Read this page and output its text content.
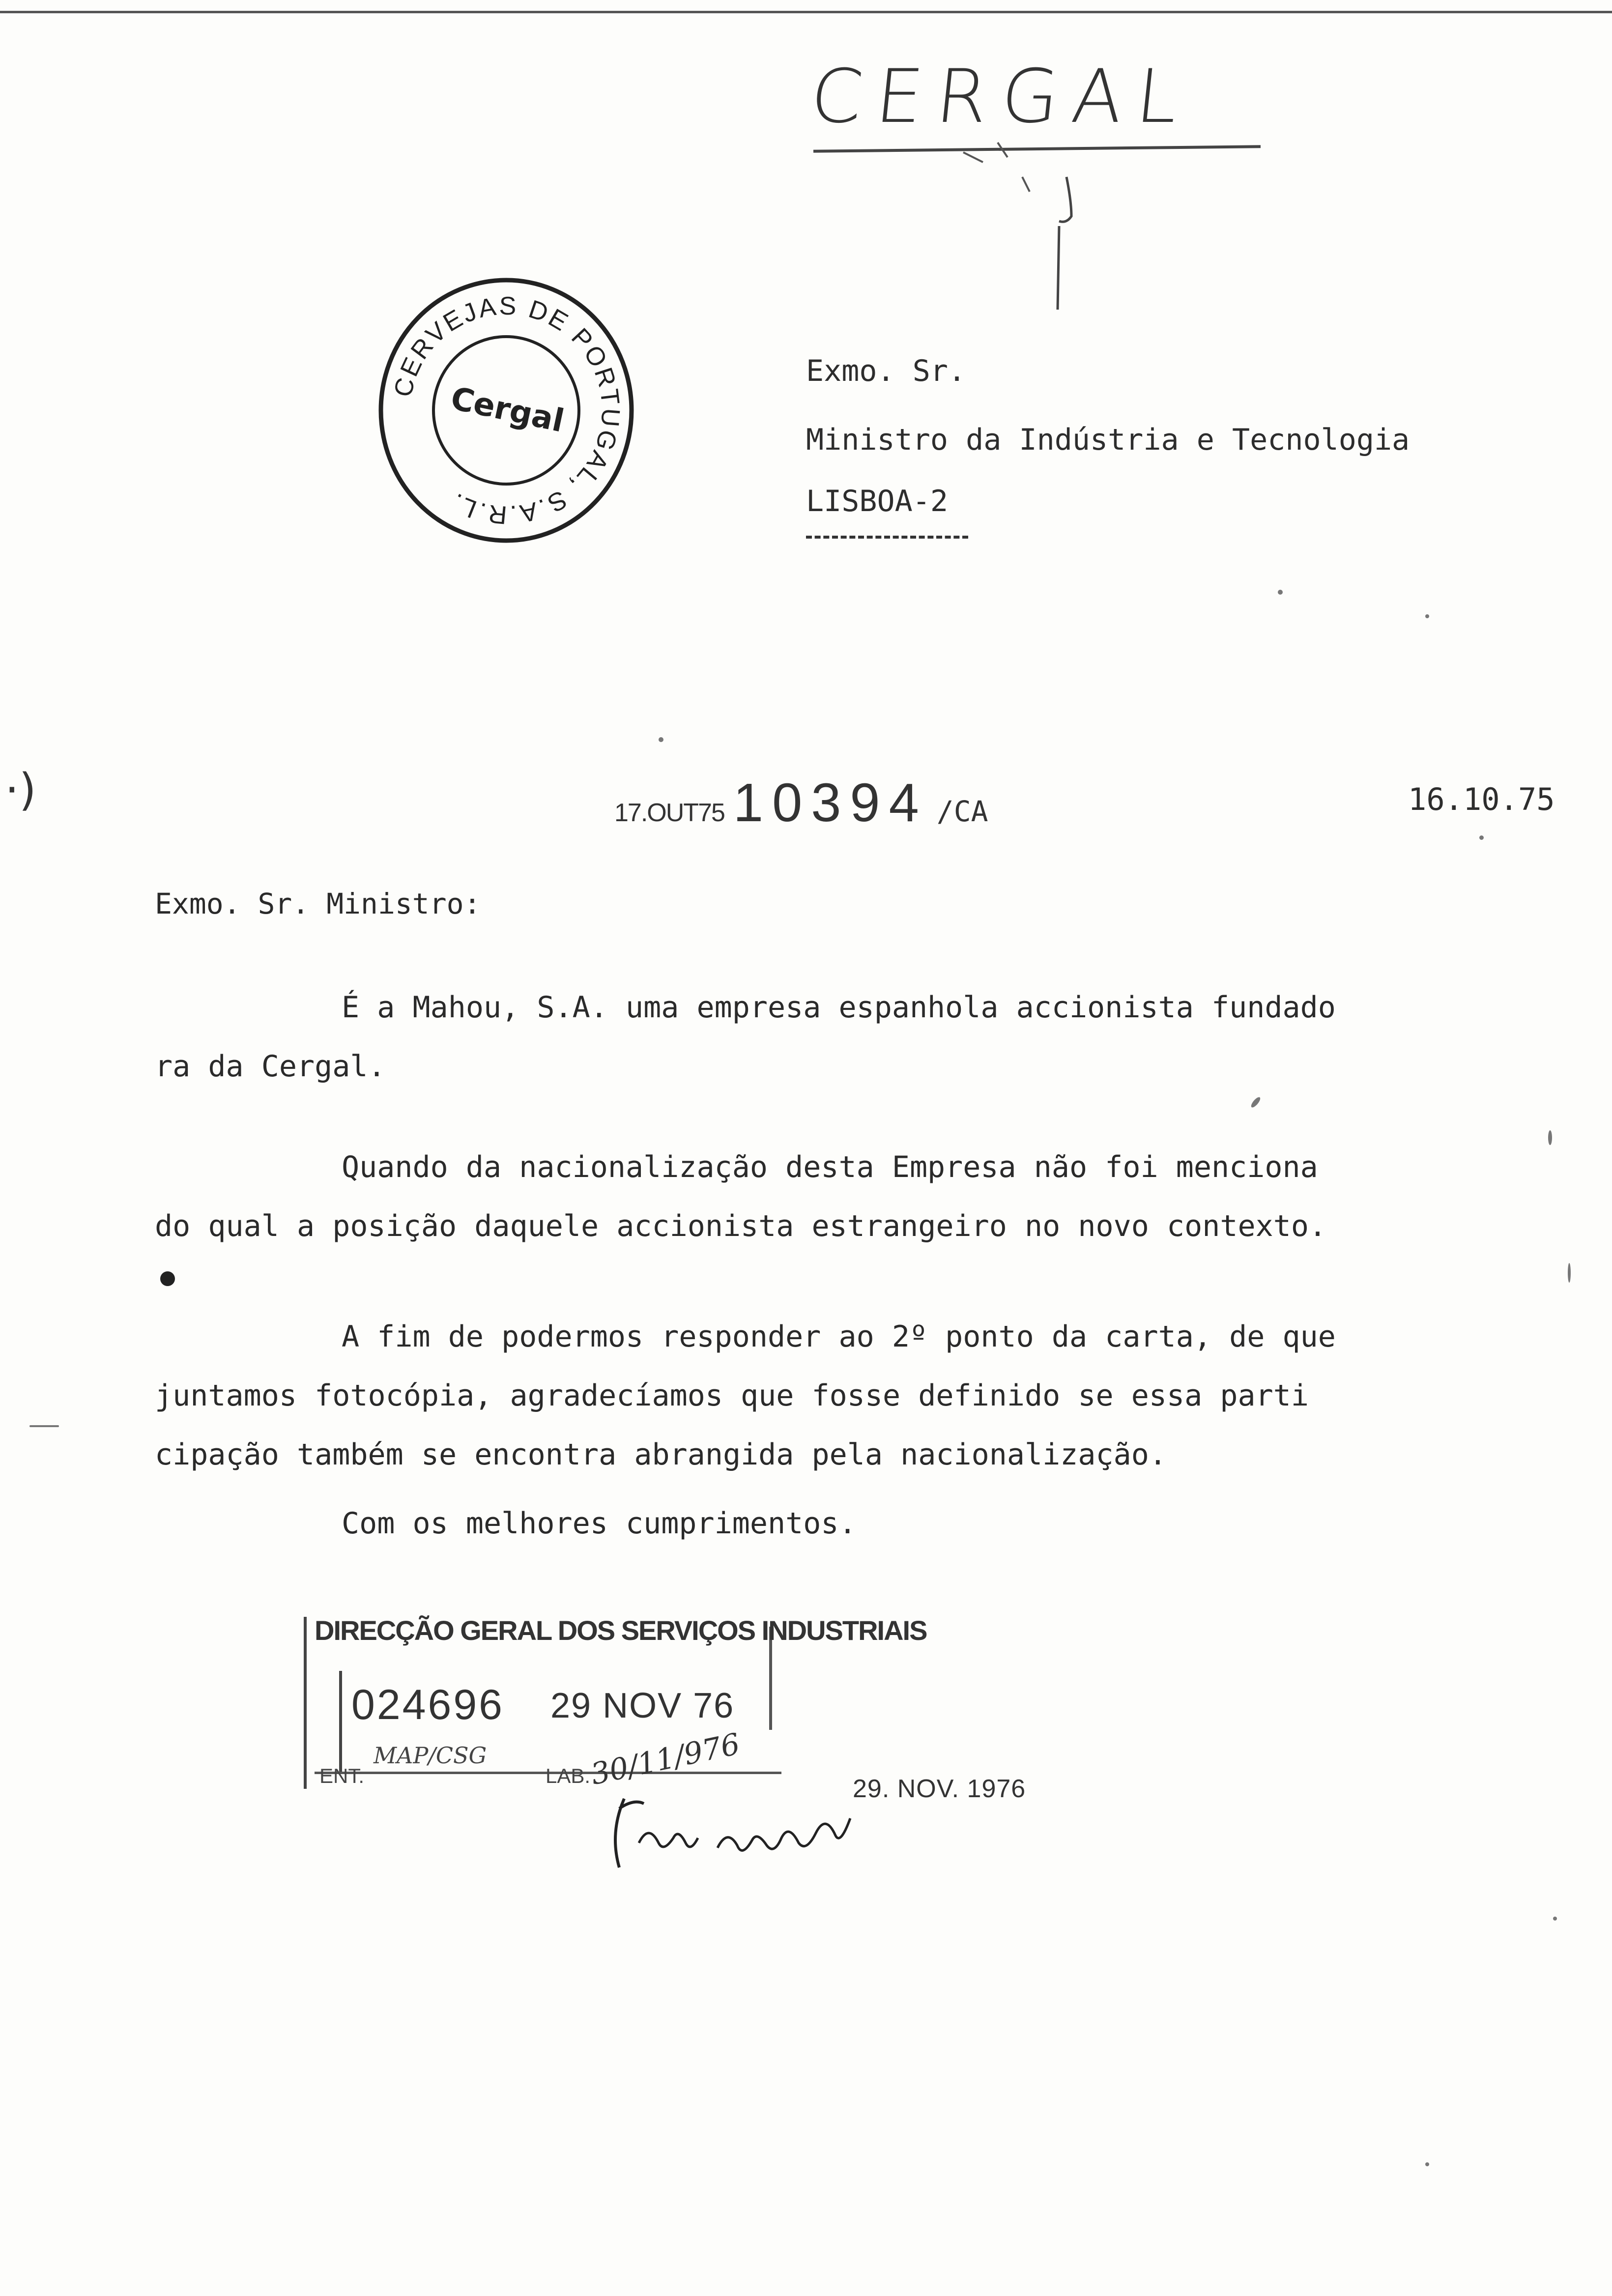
·)
CERGAL
CERVEJAS DE PORTUGAL, S.A.R.L.
Cergal
Exmo. Sr.
Ministro da Indústria e Tecnologia
LISBOA-2
17.OUT75 10394 /CA	16.10.75
Exmo. Sr. Ministro:
É a Mahou, S.A. uma empresa espanhola accionista fundado
ra da Cergal.
Quando da nacionalização desta Empresa não foi menciona
do qual a posição daquele accionista estrangeiro no novo contexto.
A fim de podermos responder ao 2º ponto da carta, de que
juntamos fotocópia, agradecíamos que fosse definido se essa parti
cipação também se encontra abrangida pela nacionalização.
Com os melhores cumprimentos.
DIRECÇÃO GERAL DOS SERVIÇOS INDUSTRIAIS
024696 29 NOV 76
ENT.
MAP/CSG
LAB.
30/11/976	29. NOV. 1976
